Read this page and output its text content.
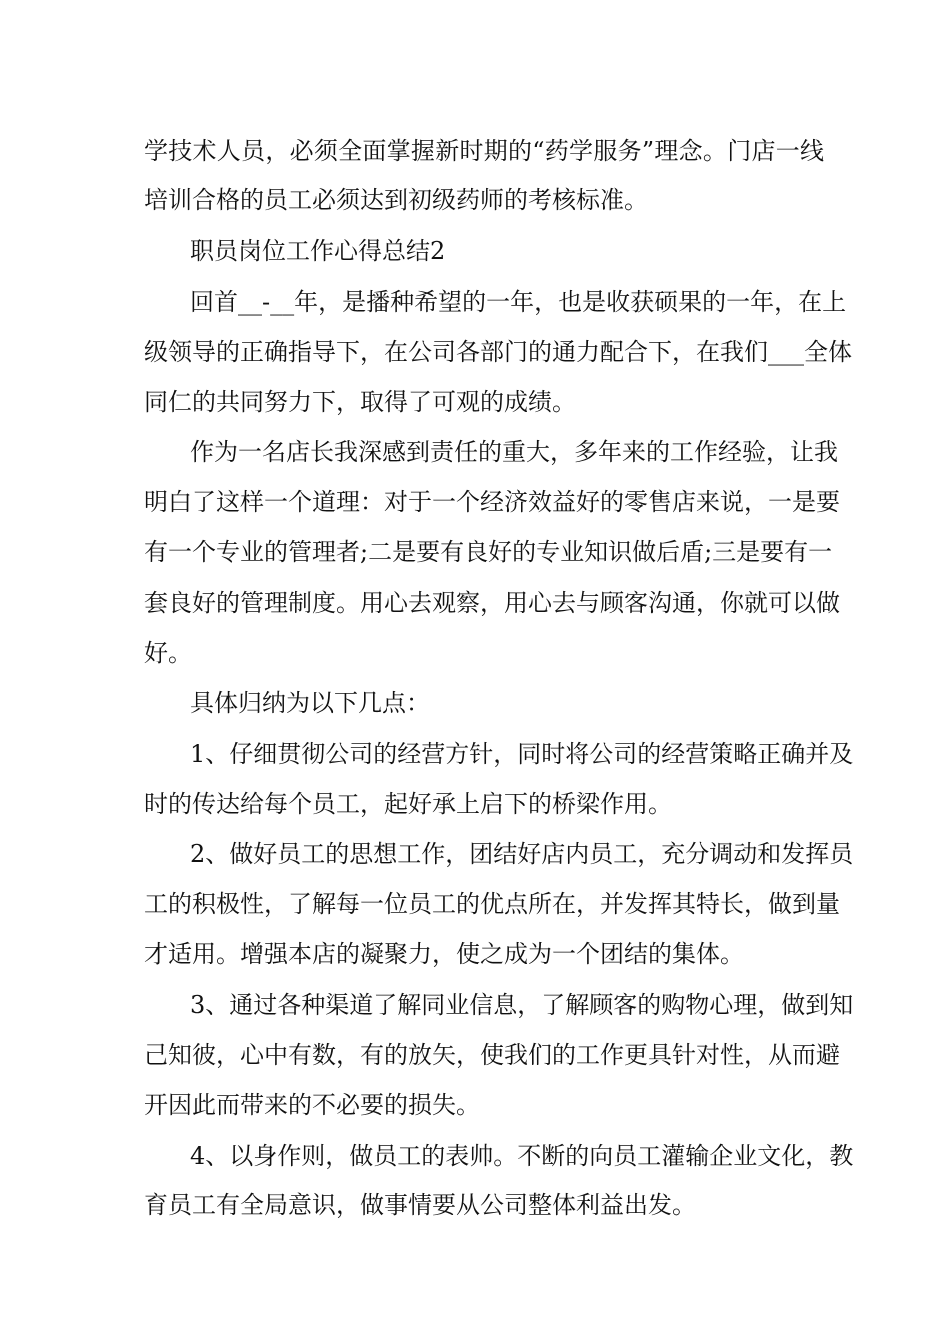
学技术人员，必须全面掌握新时期的“药学服务”理念。门店一线
培训合格的员工必须达到初级药师的考核标准。
职员岗位工作心得总结2
回首__-__年，是播种希望的一年，也是收获硕果的一年，在上
级领导的正确指导下，在公司各部门的通力配合下，在我们___全体
同仁的共同努力下，取得了可观的成绩。
作为一名店长我深感到责任的重大，多年来的工作经验，让我
明白了这样一个道理：对于一个经济效益好的零售店来说，一是要
有一个专业的管理者;二是要有良好的专业知识做后盾;三是要有一
套良好的管理制度。用心去观察，用心去与顾客沟通，你就可以做
好。
具体归纳为以下几点：
1、仔细贯彻公司的经营方针，同时将公司的经营策略正确并及
时的传达给每个员工，起好承上启下的桥梁作用。
2、做好员工的思想工作，团结好店内员工，充分调动和发挥员
工的积极性，了解每一位员工的优点所在，并发挥其特长，做到量
才适用。增强本店的凝聚力，使之成为一个团结的集体。
3、通过各种渠道了解同业信息，了解顾客的购物心理，做到知
己知彼，心中有数，有的放矢，使我们的工作更具针对性，从而避
开因此而带来的不必要的损失。
4、以身作则，做员工的表帅。不断的向员工灌输企业文化，教
育员工有全局意识，做事情要从公司整体利益出发。
